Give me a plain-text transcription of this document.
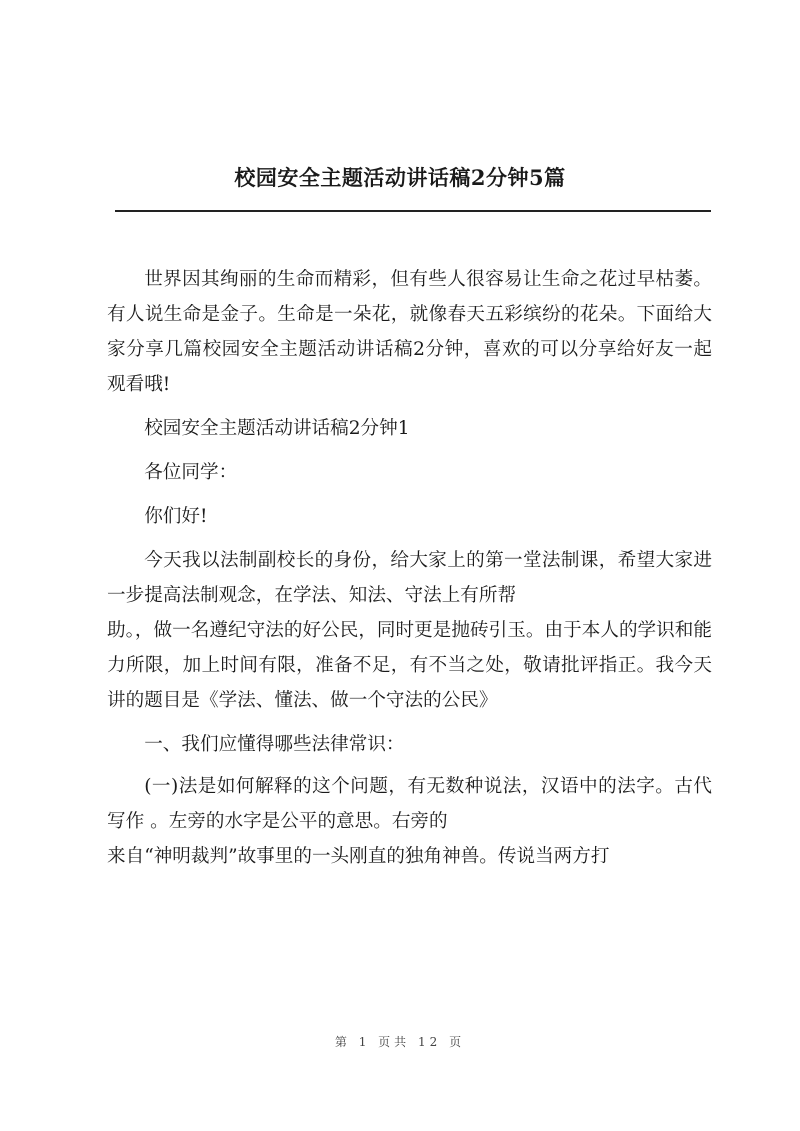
校园安全主题活动讲话稿2分钟5篇

世界因其绚丽的生命而精彩，但有些人很容易让生命之花过早枯萎。有人说生命是金子。生命是一朵花，就像春天五彩缤纷的花朵。下面给大家分享几篇校园安全主题活动讲话稿2分钟，喜欢的可以分享给好友一起观看哦!

校园安全主题活动讲话稿2分钟1

各位同学：

你们好!

今天我以法制副校长的身份，给大家上的第一堂法制课，希望大家进一步提高法制观念，在学法、知法、守法上有所帮

助。，做一名遵纪守法的好公民，同时更是抛砖引玉。由于本人的学识和能力所限，加上时间有限，准备不足，有不当之处，敬请批评指正。我今天讲的题目是《学法、懂法、做一个守法的公民》

一、我们应懂得哪些法律常识：

(一)法是如何解释的这个问题，有无数种说法，汉语中的法字。古代写作 。左旁的水字是公平的意思。右旁的

来自“神明裁判”故事里的一头刚直的独角神兽。传说当两方打

第 1 页共 12 页
